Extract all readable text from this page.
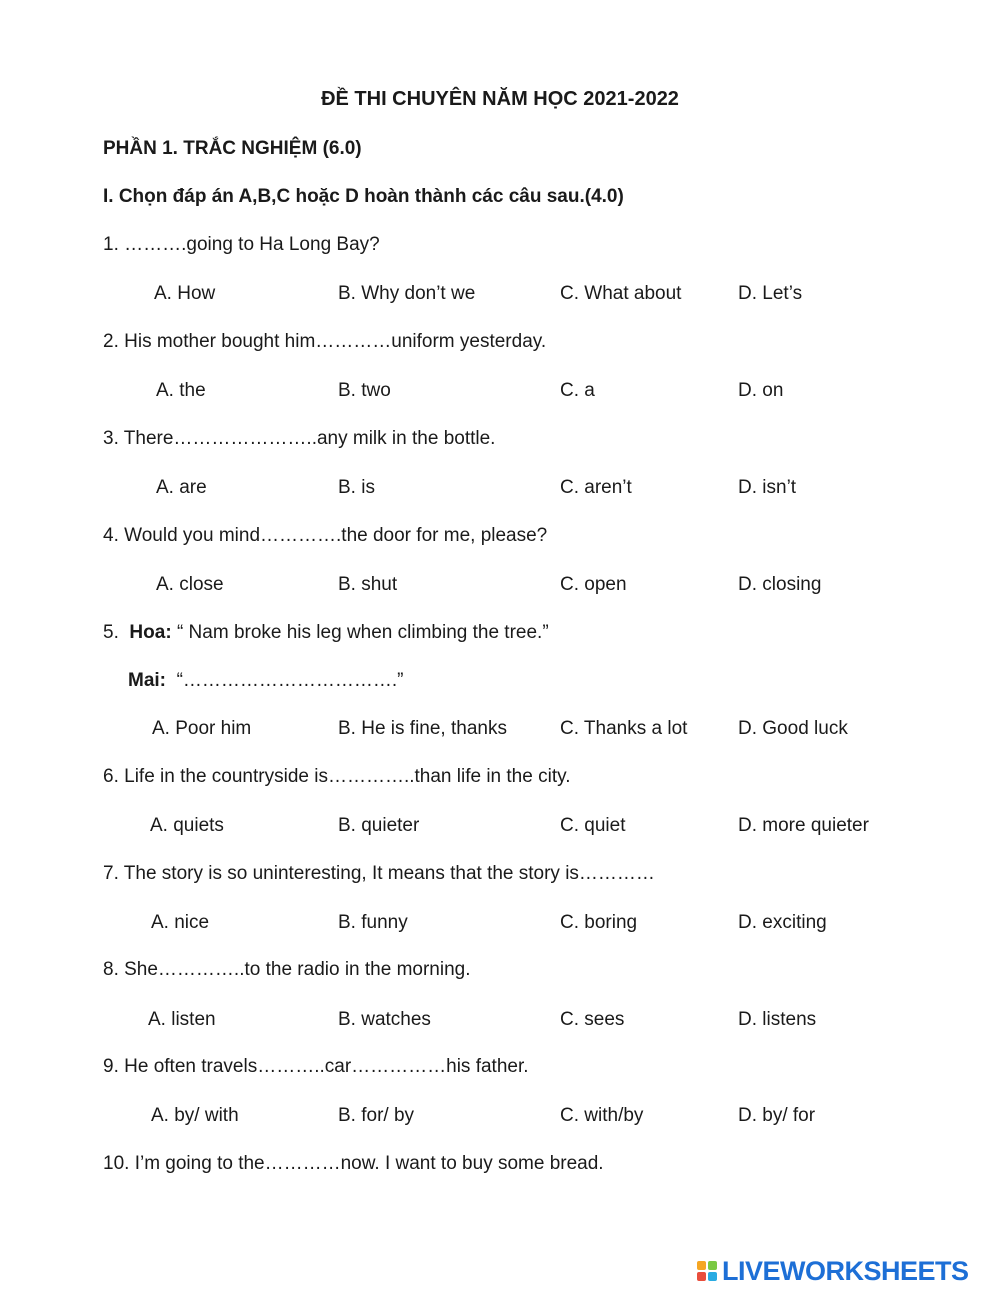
ĐỀ THI CHUYÊN NĂM HỌC 2021-2022
PHẦN 1. TRẮC NGHIỆM (6.0)
I. Chọn đáp án A,B,C hoặc D hoàn thành các câu sau.(4.0)
1. ……….going to Ha Long Bay?
A. How	B. Why don’t we	C. What about	D. Let’s
2. His mother bought him…………uniform yesterday.
A. the	B. two	C. a	D. on
3. There…………………..any milk in the bottle.
A. are	B. is	C. aren’t	D. isn’t
4. Would you mind………….the door for me, please?
A. close	B. shut	C. open	D. closing
5. Hoa: “ Nam broke his leg when climbing the tree.”
Mai: “…………………………….”
A. Poor him	B. He is fine, thanks	C. Thanks a lot	D. Good luck
6. Life in the countryside is…………..than life in the city.
A. quiets	B. quieter	C. quiet	D. more quieter
7. The story is so uninteresting, It means that the story is…………
A. nice	B. funny	C. boring	D. exciting
8. She…………..to the radio in the morning.
A. listen	B. watches	C. sees	D. listens
9. He often travels………..car……………his father.
A. by/ with	B. for/ by	C. with/by	D. by/ for
10. I’m going to the…………now. I want to buy some bread.
LIVEWORKSHEETS
